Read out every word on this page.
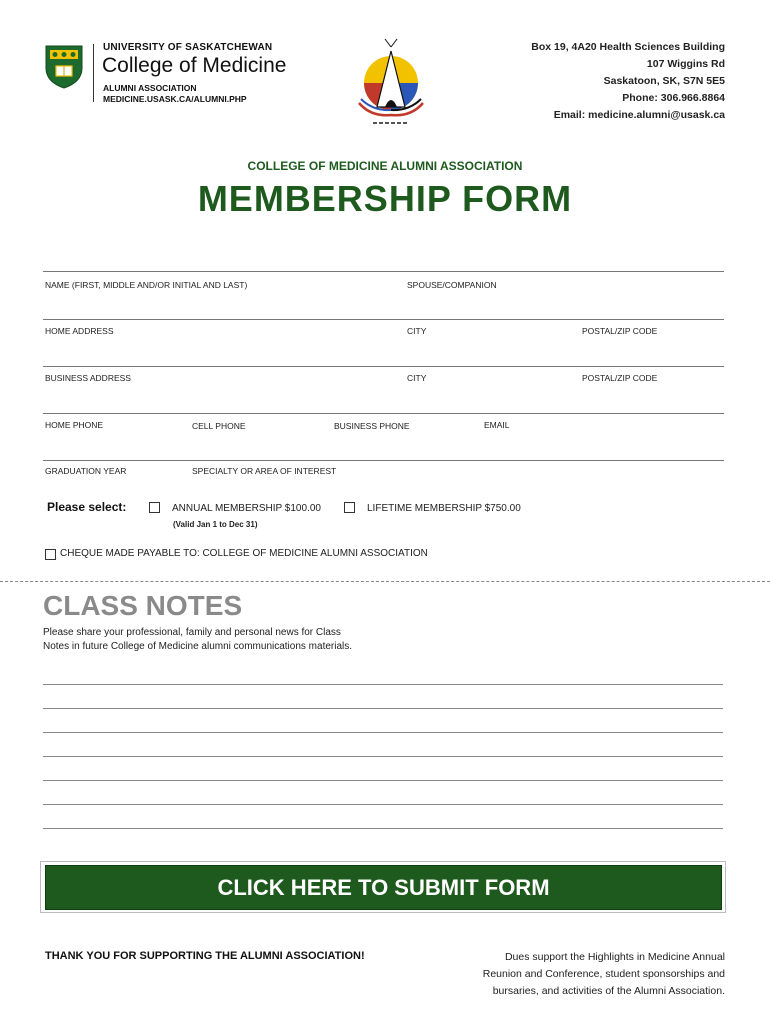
UNIVERSITY OF SASKATCHEWAN
College of Medicine
ALUMNI ASSOCIATION
MEDICINE.USASK.CA/ALUMNI.PHP
Box 19, 4A20 Health Sciences Building
107 Wiggins Rd
Saskatoon, SK, S7N 5E5
Phone: 306.966.8864
Email: medicine.alumni@usask.ca
COLLEGE OF MEDICINE ALUMNI ASSOCIATION
MEMBERSHIP FORM
NAME (FIRST, MIDDLE AND/OR INITIAL AND LAST)	SPOUSE/COMPANION
HOME ADDRESS	CITY	POSTAL/ZIP CODE
BUSINESS ADDRESS	CITY	POSTAL/ZIP CODE
HOME PHONE	CELL PHONE	BUSINESS PHONE	EMAIL
GRADUATION YEAR	SPECIALTY OR AREA OF INTEREST
Please select:	ANNUAL MEMBERSHIP $100.00	LIFETIME MEMBERSHIP $750.00
(Valid Jan 1 to Dec 31)
CHEQUE MADE PAYABLE TO: COLLEGE OF MEDICINE ALUMNI ASSOCIATION
CLASS NOTES
Please share your professional, family and personal news for Class
Notes in future College of Medicine alumni communications materials.
CLICK HERE TO SUBMIT FORM
THANK YOU FOR SUPPORTING THE ALUMNI ASSOCIATION!	Dues support the Highlights in Medicine Annual
Reunion and Conference, student sponsorships and
bursaries, and activities of the Alumni Association.
